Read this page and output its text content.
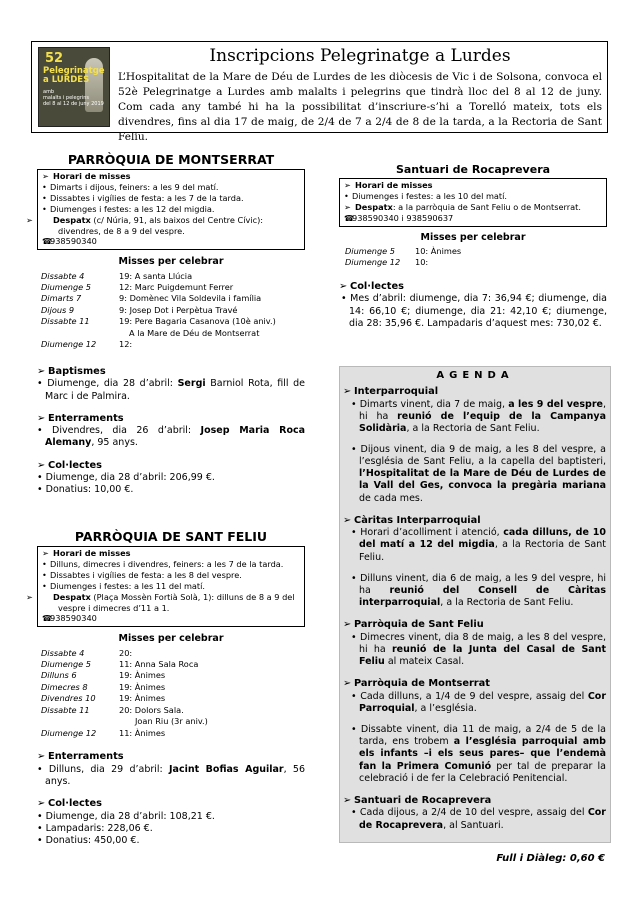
52
Pelegrinatge
a LURDES
amb
malalts i pelegrins
del 8 al 12 de juny 2019
Inscripcions Pelegrinatge a Lurdes
L’Hospitalitat de la Mare de Déu de Lurdes de les diòcesis de Vic i de Solsona, convoca el 52è Pelegrinatge a Lurdes amb malalts i pelegrins que tindrà lloc del 8 al 12 de juny. Com cada any també hi ha la possibilitat d’inscriure-s’hi a Torelló mateix, tots els divendres, fins al dia 17 de maig, de 2/4 de 7 a 2/4 de 8 de la tarda, a la Rectoria de Sant Feliu.
PARRÒQUIA DE MONTSERRAT
➢ Horari de misses
• Dimarts i dijous, feiners: a les 9 del matí.
• Dissabtes i vigílies de festa: a les 7 de la tarda.
• Diumenges i festes: a les 12 del migdia.
➢ Despatx (c/ Núria, 91, als baixos del Centre Cívic): divendres, de 8 a 9 del vespre.
☎938590340
Misses per celebrar
Dissabte 4	19: A santa Llúcia
Diumenge 5	12: Marc Puigdemunt Ferrer
Dimarts 7	9: Domènec Vila Soldevila i família
Dijous 9	9: Josep Dot i Perpètua Travé
Dissabte 11	19: Pere Bagaria Casanova (10è aniv.)
A la Mare de Déu de Montserrat
Diumenge 12	12:
➢ Baptismes
• Diumenge, dia 28 d’abril: Sergi Barniol Rota, fill de Marc i de Palmira.
➢ Enterraments
• Divendres, dia 26 d’abril: Josep Maria Roca Alemany, 95 anys.
➢ Col·lectes
• Diumenge, dia 28 d’abril: 206,99 €.
• Donatius: 10,00 €.
PARRÒQUIA DE SANT FELIU
➢ Horari de misses
• Dilluns, dimecres i divendres, feiners: a les 7 de la tarda.
• Dissabtes i vigílies de festa: a les 8 del vespre.
• Diumenges i festes: a les 11 del matí.
➢ Despatx (Plaça Mossèn Fortià Solà, 1): dilluns de 8 a 9 del vespre i dimecres d’11 a 1.
☎938590340
Misses per celebrar
Dissabte 4	20:
Diumenge 5	11: Anna Sala Roca
Dilluns 6	19: Ànimes
Dimecres 8	19: Ànimes
Divendres 10	19: Ànimes
Dissabte 11	20: Dolors Sala.
Joan Riu (3r aniv.)
Diumenge 12	11: Ànimes
➢ Enterraments
• Dilluns, dia 29 d’abril: Jacint Bofias Aguilar, 56 anys.
➢ Col·lectes
• Diumenge, dia 28 d’abril: 108,21 €.
• Lampadaris: 228,06 €.
• Donatius: 450,00 €.
Santuari de Rocaprevera
➢ Horari de misses
• Diumenges i festes: a les 10 del matí.
➢ Despatx: a la parròquia de Sant Feliu o de Montserrat.
☎938590340 i 938590637
Misses per celebrar
Diumenge 5	10: Ànimes
Diumenge 12	10:
➢ Col·lectes
• Mes d’abril: diumenge, dia 7: 36,94 €; diumenge, dia 14: 66,10 €; diumenge, dia 21: 42,10 €; diumenge, dia 28: 35,96 €. Lampadaris d’aquest mes: 730,02 €.
AGENDA
➢ Interparroquial
• Dimarts vinent, dia 7 de maig, a les 9 del vespre, hi ha reunió de l’equip de la Campanya Solidària, a la Rectoria de Sant Feliu.
• Dijous vinent, dia 9 de maig, a les 8 del vespre, a l’església de Sant Feliu, a la capella del baptisteri, l’Hospitalitat de la Mare de Déu de Lurdes de la Vall del Ges, convoca la pregària mariana de cada mes.
➢ Càritas Interparroquial
• Horari d’acolliment i atenció, cada dilluns, de 10 del matí a 12 del migdia, a la Rectoria de Sant Feliu.
• Dilluns vinent, dia 6 de maig, a les 9 del vespre, hi ha reunió del Consell de Càritas interparroquial, a la Rectoria de Sant Feliu.
➢ Parròquia de Sant Feliu
• Dimecres vinent, dia 8 de maig, a les 8 del vespre, hi ha reunió de la Junta del Casal de Sant Feliu al mateix Casal.
➢ Parròquia de Montserrat
• Cada dilluns, a 1/4 de 9 del vespre, assaig del Cor Parroquial, a l’església.
• Dissabte vinent, dia 11 de maig, a 2/4 de 5 de la tarda, ens trobem a l’església parroquial amb els infants –i els seus pares– que l’endemà fan la Primera Comunió per tal de preparar la celebració i de fer la Celebració Penitencial.
➢ Santuari de Rocaprevera
• Cada dijous, a 2/4 de 10 del vespre, assaig del Cor de Rocaprevera, al Santuari.
Full i Diàleg: 0,60 €
